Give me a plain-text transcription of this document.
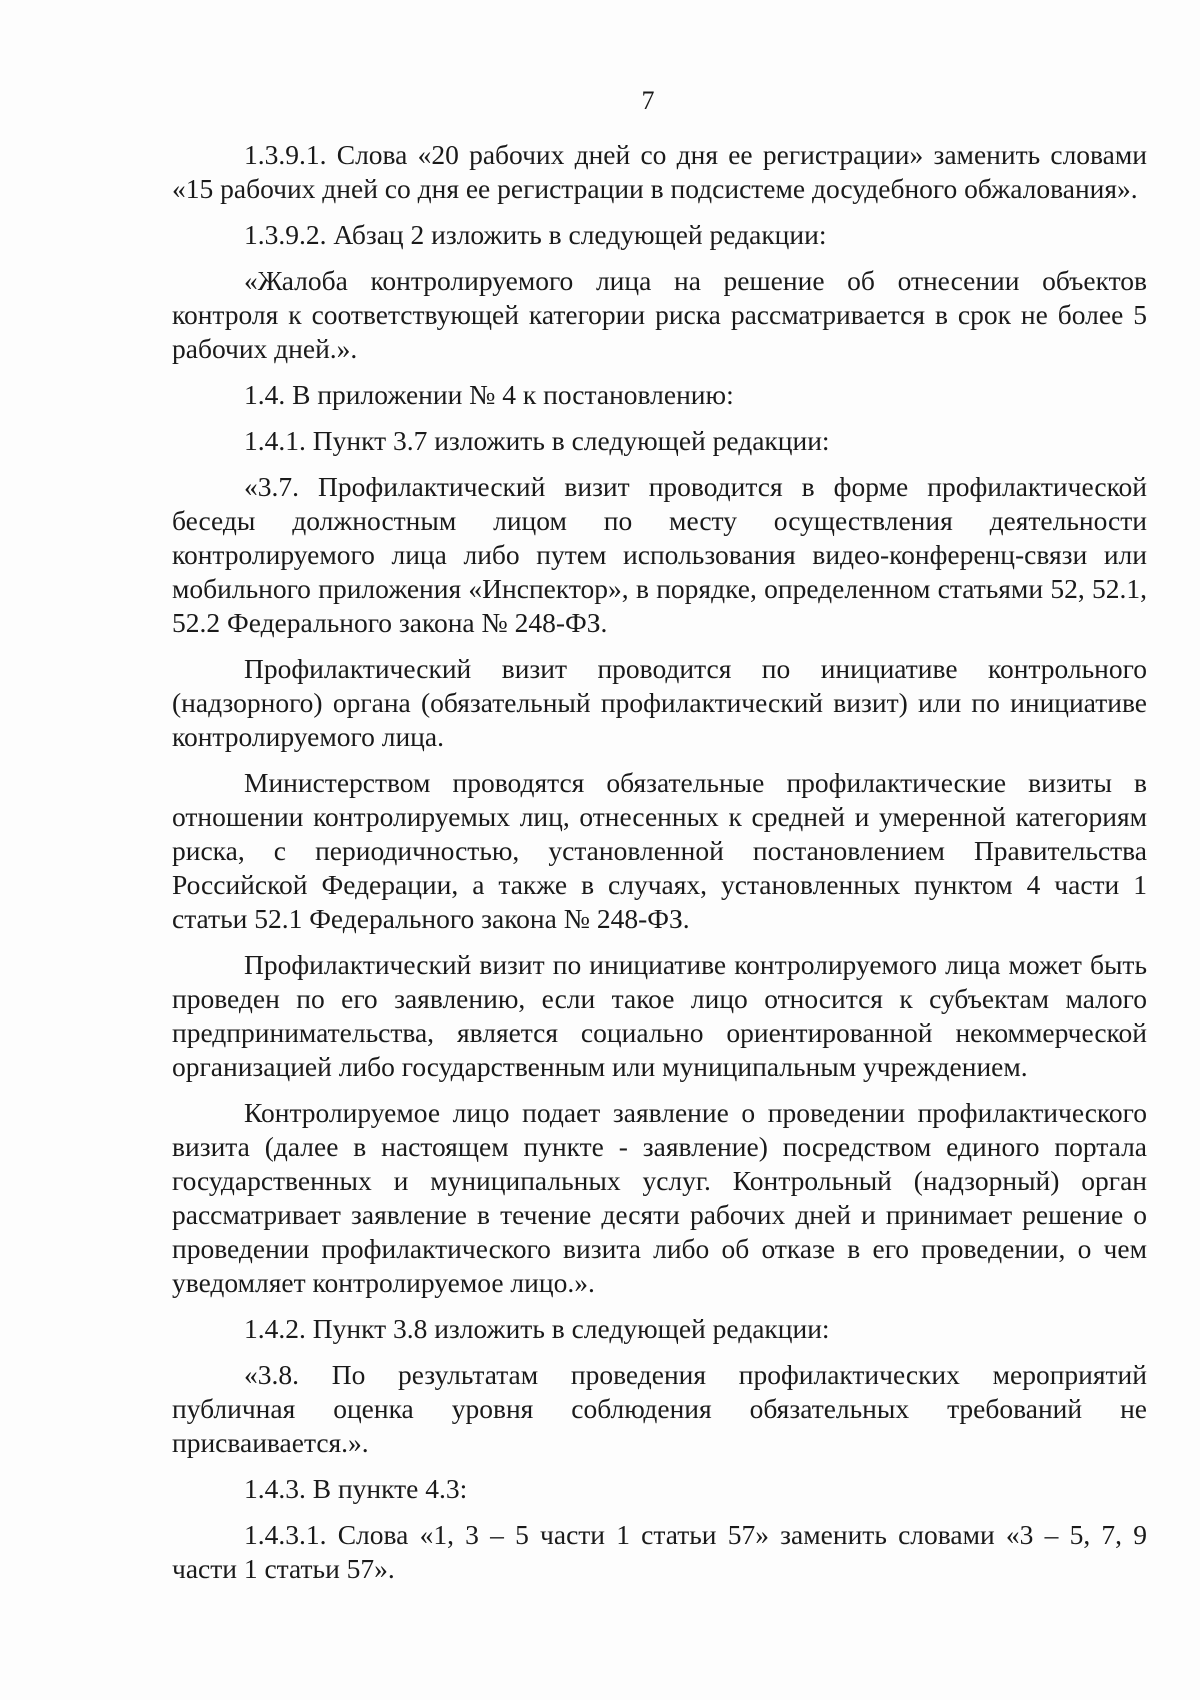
7

1.3.9.1. Слова «20 рабочих дней со дня ее регистрации» заменить словами «15 рабочих дней со дня ее регистрации в подсистеме досудебного обжалования».

1.3.9.2. Абзац 2 изложить в следующей редакции:

«Жалоба контролируемого лица на решение об отнесении объектов контроля к соответствующей категории риска рассматривается в срок не более 5 рабочих дней.».

1.4. В приложении № 4 к постановлению:

1.4.1. Пункт 3.7 изложить в следующей редакции:

«3.7. Профилактический визит проводится в форме профилактической беседы должностным лицом по месту осуществления деятельности контролируемого лица либо путем использования видео-конференц-связи или мобильного приложения «Инспектор», в порядке, определенном статьями 52, 52.1, 52.2 Федерального закона № 248-ФЗ.

Профилактический визит проводится по инициативе контрольного (надзорного) органа (обязательный профилактический визит) или по инициативе контролируемого лица.

Министерством проводятся обязательные профилактические визиты в отношении контролируемых лиц, отнесенных к средней и умеренной категориям риска, с периодичностью, установленной постановлением Правительства Российской Федерации, а также в случаях, установленных пунктом 4 части 1 статьи 52.1 Федерального закона № 248-ФЗ.

Профилактический визит по инициативе контролируемого лица может быть проведен по его заявлению, если такое лицо относится к субъектам малого предпринимательства, является социально ориентированной некоммерческой организацией либо государственным или муниципальным учреждением.

Контролируемое лицо подает заявление о проведении профилактического визита (далее в настоящем пункте - заявление) посредством единого портала государственных и муниципальных услуг. Контрольный (надзорный) орган рассматривает заявление в течение десяти рабочих дней и принимает решение о проведении профилактического визита либо об отказе в его проведении, о чем уведомляет контролируемое лицо.».

1.4.2. Пункт 3.8 изложить в следующей редакции:

«3.8. По результатам проведения профилактических мероприятий публичная оценка уровня соблюдения обязательных требований не присваивается.».

1.4.3. В пункте 4.3:

1.4.3.1. Слова «1, 3 – 5 части 1 статьи 57» заменить словами «3 – 5, 7, 9 части 1 статьи 57».
